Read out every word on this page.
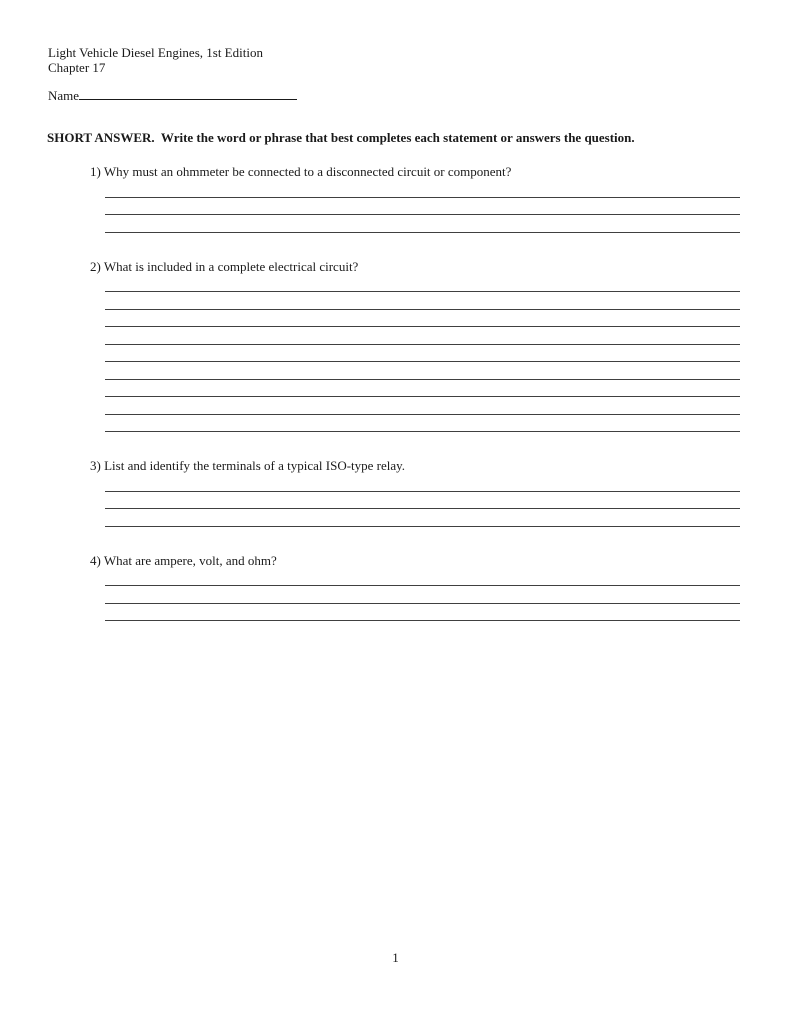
Light Vehicle Diesel Engines, 1st Edition
Chapter 17
Name
SHORT ANSWER.  Write the word or phrase that best completes each statement or answers the question.
1) Why must an ohmmeter be connected to a disconnected circuit or component?
2) What is included in a complete electrical circuit?
3) List and identify the terminals of a typical ISO-type relay.
4) What are ampere, volt, and ohm?
1
